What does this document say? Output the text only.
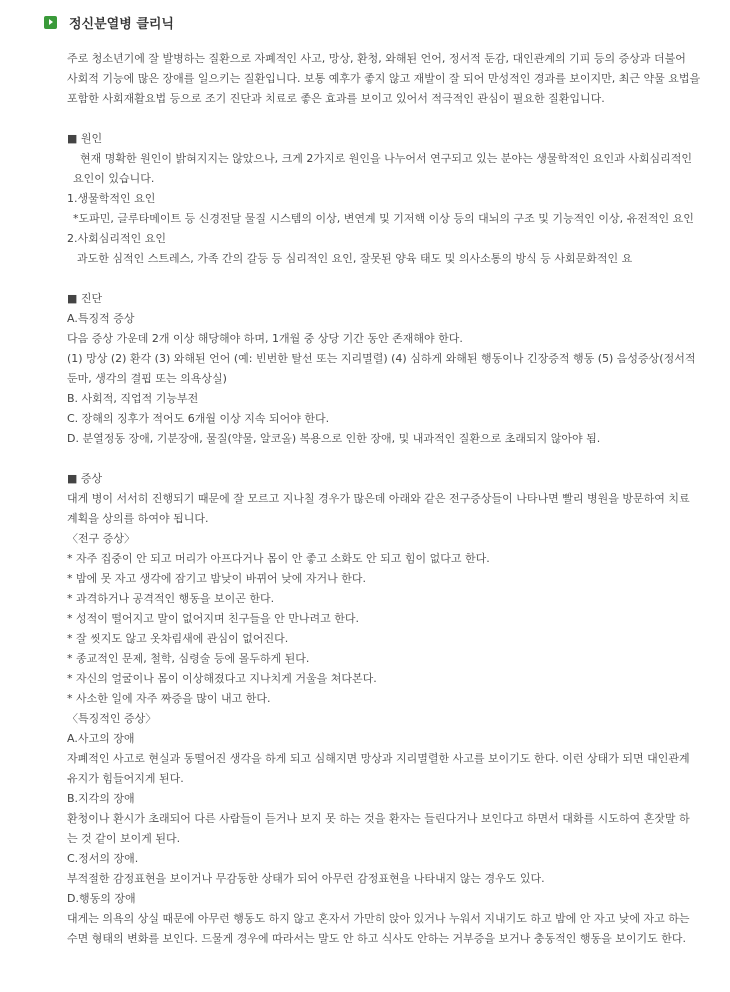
정신분열병 클리닉
주로 청소년기에 잘 발병하는 질환으로 자폐적인 사고, 망상, 환청, 와해된 언어, 정서적 둔감, 대인관계의 기피 등의 증상과 더불어
사회적 기능에 많은 장애를 일으키는 질환입니다. 보통 예후가 좋지 않고 재발이 잘 되어 만성적인 경과를 보이지만, 최근 약물 요법을
포함한 사회재활요법 등으로 조기 진단과 치료로 좋은 효과를 보이고 있어서 적극적인 관심이 필요한 질환입니다.
■ 원인
현재 명확한 원인이 밝혀지지는 않았으나, 크게 2가지로 원인을 나누어서 연구되고 있는 분야는 생물학적인 요인과 사회심리적인
요인이 있습니다.
1.생물학적인 요인
*도파민, 글루타메이트 등 신경전달 물질 시스템의 이상, 변연계 및 기저핵 이상 등의 대뇌의 구조 및 기능적인 이상, 유전적인 요인
2.사회심리적인 요인
과도한 심적인 스트레스, 가족 간의 갈등 등 심리적인 요인, 잘못된 양육 태도 및 의사소통의 방식 등 사회문화적인 요
■ 진단
A.특징적 증상
다음 증상 가운데 2개 이상 해당해야 하며, 1개월 중 상당 기간 동안 존재해야 한다.
(1) 망상 (2) 환각 (3) 와해된 언어 (예: 빈번한 탈선 또는 지리멸렬) (4) 심하게 와해된 행동이나 긴장증적 행동 (5) 음성증상(정서적
둔마, 생각의 결핍 또는 의욕상실)
B. 사회적, 직업적 기능부전
C. 장해의 징후가 적어도 6개월 이상 지속 되어야 한다.
D. 분열정동 장애, 기분장애, 물질(약물, 알코올) 복용으로 인한 장애, 및 내과적인 질환으로 초래되지 않아야 됨.
■ 증상
대게 병이 서서히 진행되기 때문에 잘 모르고 지나칠 경우가 많은데 아래와 같은 전구증상들이 나타나면 빨리 병원을 방문하여 치료
계획을 상의를 하여야 됩니다.
〈전구 증상〉
* 자주 집중이 안 되고 머리가 아프다거나 몸이 안 좋고 소화도 안 되고 힘이 없다고 한다.
* 밤에 못 자고 생각에 잠기고 밤낮이 바뀌어 낮에 자거나 한다.
* 과격하거나 공격적인 행동을 보이곤 한다.
* 성적이 떨어지고 말이 없어지며 친구들을 안 만나려고 한다.
* 잘 씻지도 않고 옷차림새에 관심이 없어진다.
* 종교적인 문제, 철학, 심령술 등에 몰두하게 된다.
* 자신의 얼굴이나 몸이 이상해졌다고 지나치게 거울을 쳐다본다.
* 사소한 일에 자주 짜증을 많이 내고 한다.
〈특징적인 증상〉
A.사고의 장애
자폐적인 사고로 현실과 동떨어진 생각을 하게 되고 심해지면 망상과 지리멸렬한 사고를 보이기도 한다. 이런 상태가 되면 대인관계
유지가 힘들어지게 된다.
B.지각의 장애
환청이나 환시가 초래되어 다른 사람들이 듣거나 보지 못 하는 것을 환자는 들린다거나 보인다고 하면서 대화를 시도하여 혼잣말 하
는 것 같이 보이게 된다.
C.정서의 장애.
부적절한 감정표현을 보이거나 무감동한 상태가 되어 아무런 감정표현을 나타내지 않는 경우도 있다.
D.행동의 장애
대게는 의욕의 상실 때문에 아무런 행동도 하지 않고 혼자서 가만히 앉아 있거나 누워서 지내기도 하고 밤에 안 자고 낮에 자고 하는
수면 형태의 변화를 보인다. 드물게 경우에 따라서는 말도 안 하고 식사도 안하는 거부증을 보거나 충동적인 행동을 보이기도 한다.
